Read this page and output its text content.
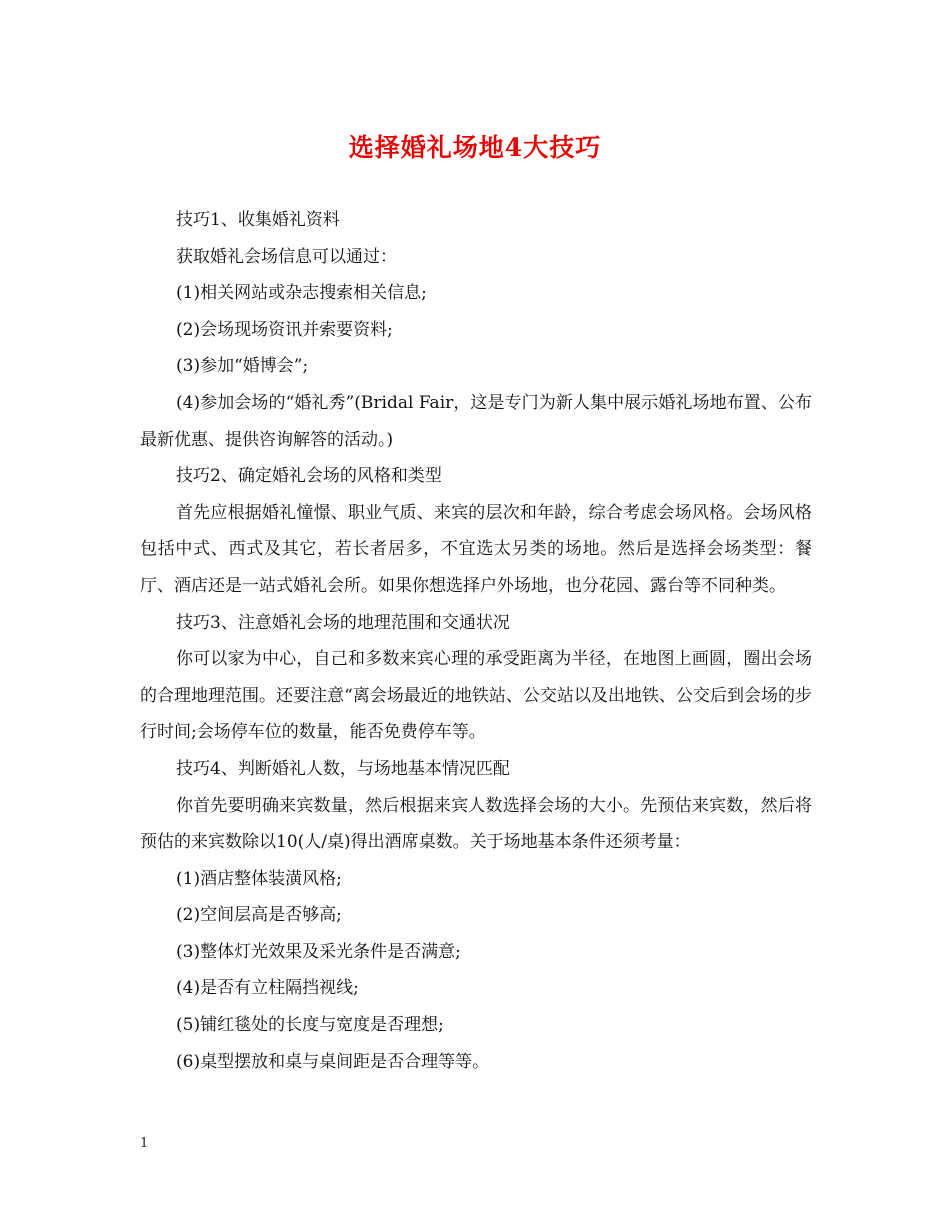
选择婚礼场地4大技巧

技巧1、收集婚礼资料

获取婚礼会场信息可以通过：

(1)相关网站或杂志搜索相关信息;

(2)会场现场资讯并索要资料;

(3)参加“婚博会”;

(4)参加会场的“婚礼秀”(Bridal Fair，这是专门为新人集中展示婚礼场地布置、公布最新优惠、提供咨询解答的活动。)

技巧2、确定婚礼会场的风格和类型

首先应根据婚礼憧憬、职业气质、来宾的层次和年龄，综合考虑会场风格。会场风格包括中式、西式及其它，若长者居多，不宜选太另类的场地。然后是选择会场类型：餐厅、酒店还是一站式婚礼会所。如果你想选择户外场地，也分花园、露台等不同种类。

技巧3、注意婚礼会场的地理范围和交通状况

你可以家为中心，自己和多数来宾心理的承受距离为半径，在地图上画圆，圈出会场的合理地理范围。还要注意“离会场最近的地铁站、公交站以及出地铁、公交后到会场的步行时间;会场停车位的数量，能否免费停车等。

技巧4、判断婚礼人数，与场地基本情况匹配

你首先要明确来宾数量，然后根据来宾人数选择会场的大小。先预估来宾数，然后将预估的来宾数除以10(人/桌)得出酒席桌数。关于场地基本条件还须考量：

(1)酒店整体装潢风格;

(2)空间层高是否够高;

(3)整体灯光效果及采光条件是否满意;

(4)是否有立柱隔挡视线;

(5)铺红毯处的长度与宽度是否理想;

(6)桌型摆放和桌与桌间距是否合理等等。

1
